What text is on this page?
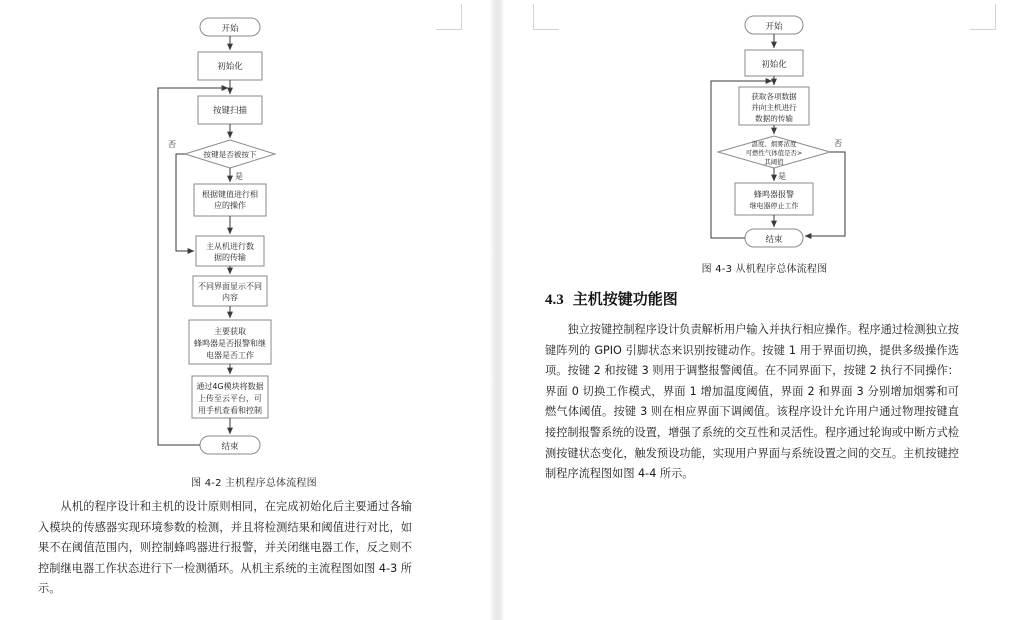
开始
初始化
按键扫描
按键是否被按下
根据键值进行相
应的操作
主从机进行数
据的传输
不同界面显示不同
内容
主要获取
蜂鸣器是否报警和继
电器是否工作
通过4G模块将数据
上传至云平台，可
用手机查看和控制
结束
否
是
图 4-2 主机程序总体流程图
从机的程序设计和主机的设计原则相同，在完成初始化后主要通过各输入模块的传感器实现环境参数的检测，并且将检测结果和阈值进行对比，如果不在阈值范围内，则控制蜂鸣器进行报警，并关闭继电器工作，反之则不控制继电器工作状态进行下一检测循环。从机主系统的主流程图如图 4-3 所示。
开始
初始化
获取各项数据
并向主机进行
数据的传输
温度、烟雾浓度
可燃性气体值是否>
其阈值
蜂鸣器报警
继电器停止工作
结束
否
是
图 4-3 从机程序总体流程图
4.3 主机按键功能图
独立按键控制程序设计负责解析用户输入并执行相应操作。程序通过检测独立按键阵列的 GPIO 引脚状态来识别按键动作。按键 1 用于界面切换，提供多级操作选项。按键 2 和按键 3 则用于调整报警阈值。在不同界面下，按键 2 执行不同操作：界面 0 切换工作模式，界面 1 增加温度阈值，界面 2 和界面 3 分别增加烟雾和可燃气体阈值。按键 3 则在相应界面下调阈值。该程序设计允许用户通过物理按键直接控制报警系统的设置，增强了系统的交互性和灵活性。程序通过轮询或中断方式检测按键状态变化，触发预设功能，实现用户界面与系统设置之间的交互。主机按键控制程序流程图如图 4-4 所示。
